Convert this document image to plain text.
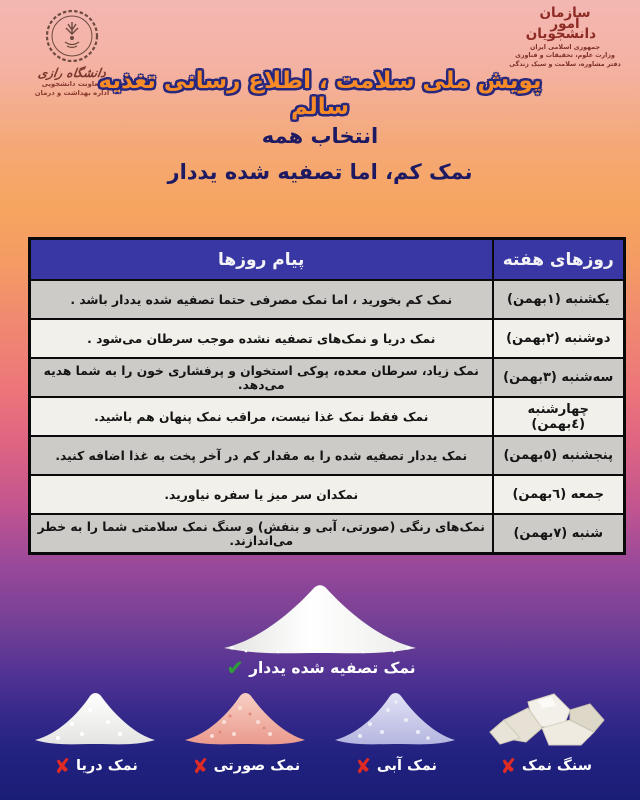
دانشگاه رازی
معاونت دانشجویی
اداره بهداشت و درمان
سازمان امور دانشجویان
جمهوری اسلامی ایران
وزارت علوم، تحقیقات و فناوری
دفتر مشاوره، سلامت و سبک زندگی
پویش ملی سلامت ، اطلاع رسانی تغذیه سالم
انتخاب همه
نمک کم، اما تصفیه شده یددار
روزهای هفته	پیام روزها
یکشنبه (١بهمن)	نمک کم بخورید ، اما نمک مصرفی حتما تصفیه شده یددار باشد .
دوشنبه (٢بهمن)	نمک دریا و نمک‌های تصفیه نشده موجب سرطان می‌شود .
سه‌شنبه (٣بهمن)	نمک زیاد، سرطان معده، پوکی استخوان و پرفشاری خون را به شما هدیه می‌دهد.
چهارشنبه (٤بهمن)	نمک فقط نمک غذا نیست، مراقب نمک پنهان هم باشید.
پنجشنبه (٥بهمن)	نمک یددار تصفیه شده را به مقدار کم در آخر پخت به غذا اضافه کنید.
جمعه (٦بهمن)	نمکدان سر میز یا سفره نیاورید.
شنبه (٧بهمن)	نمک‌های رنگی (صورتی، آبی و بنفش) و سنگ نمک سلامتی شما را به خطر می‌اندازند.
نمک تصفیه شده یددار ✔
سنگ نمک ✘
نمک آبی ✘
نمک صورتی ✘
نمک دریا ✘
